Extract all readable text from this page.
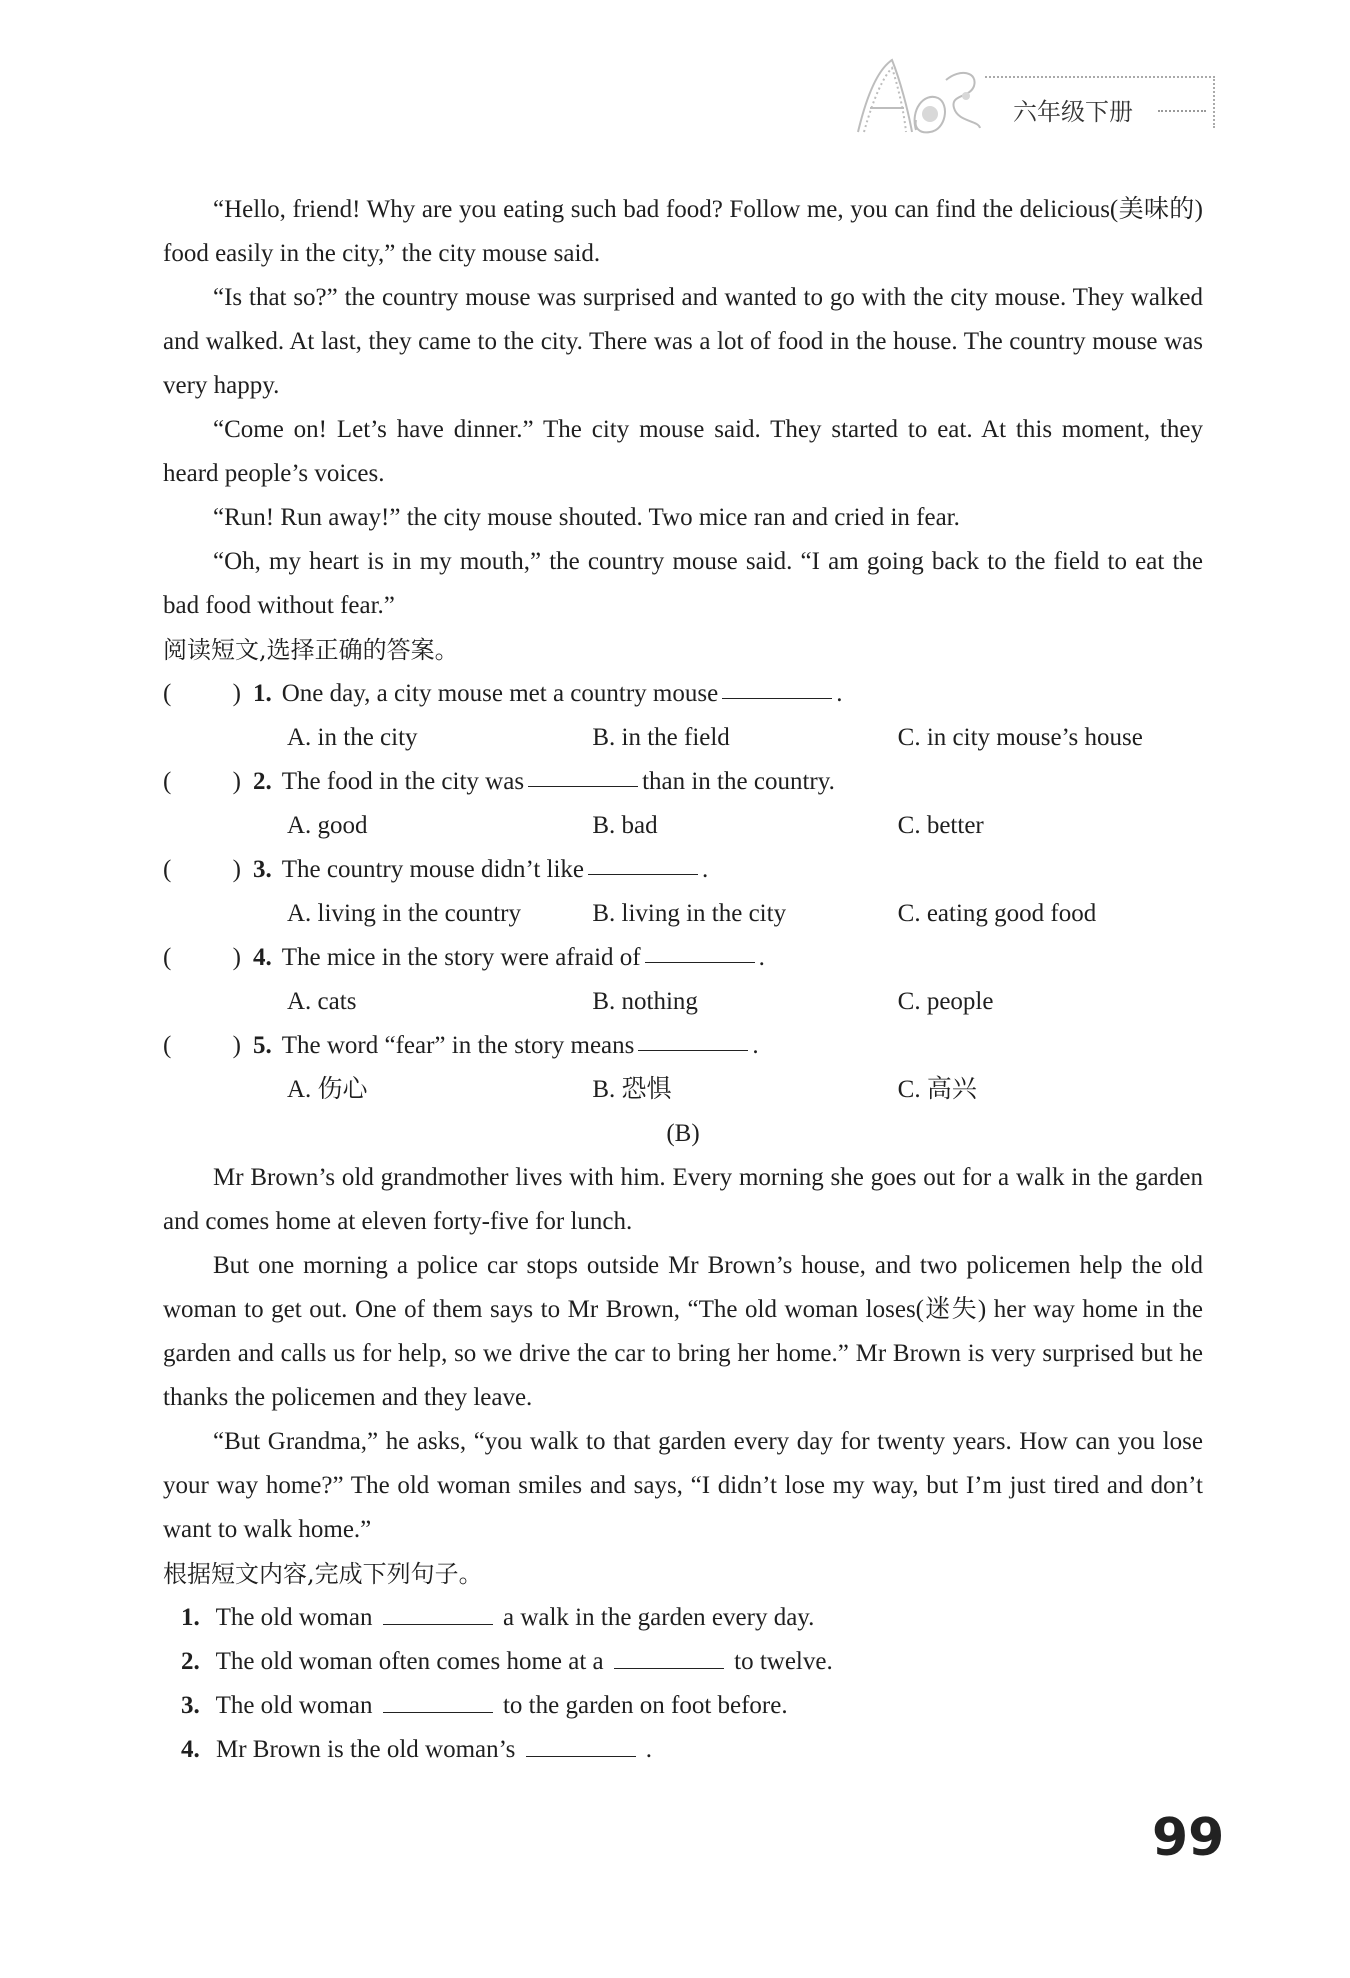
六年级下册

“Hello, friend! Why are you eating such bad food? Follow me, you can find the delicious(美味的) food easily in the city,” the city mouse said.

“Is that so?” the country mouse was surprised and wanted to go with the city mouse. They walked and walked. At last, they came to the city. There was a lot of food in the house. The country mouse was very happy.

“Come on! Let’s have dinner.” The city mouse said. They started to eat. At this moment, they heard people’s voices.

“Run! Run away!” the city mouse shouted. Two mice ran and cried in fear.

“Oh, my heart is in my mouth,” the country mouse said. “I am going back to the field to eat the bad food without fear.”

阅读短文,选择正确的答案。

( ) 1. One day, a city mouse met a country mouse	.
A. in the city	B. in the field	C. in city mouse’s house
( ) 2. The food in the city was	than in the country.
A. good	B. bad	C. better
( ) 3. The country mouse didn’t like	.
A. living in the country	B. living in the city	C. eating good food
( ) 4. The mice in the story were afraid of	.
A. cats	B. nothing	C. people
( ) 5. The word “fear” in the story means	.
A. 伤心	B. 恐惧	C. 高兴

(B)

Mr Brown’s old grandmother lives with him. Every morning she goes out for a walk in the garden and comes home at eleven forty-five for lunch.

But one morning a police car stops outside Mr Brown’s house, and two policemen help the old woman to get out. One of them says to Mr Brown, “The old woman loses(迷失) her way home in the garden and calls us for help, so we drive the car to bring her home.” Mr Brown is very surprised but he thanks the policemen and they leave.

“But Grandma,” he asks, “you walk to that garden every day for twenty years. How can you lose your way home?” The old woman smiles and says, “I didn’t lose my way, but I’m just tired and don’t want to walk home.”

根据短文内容,完成下列句子。

1. The old woman	a walk in the garden every day.
2. The old woman often comes home at a	to twelve.
3. The old woman	to the garden on foot before.
4. Mr Brown is the old woman’s	.
99
